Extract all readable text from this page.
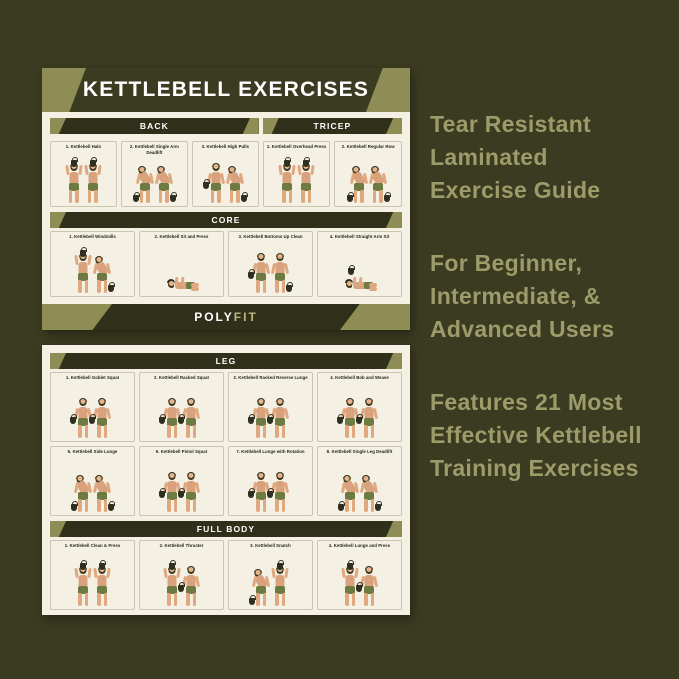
KETTLEBELL EXERCISES
BACK	TRICEP
1. Kettlebell Halo	2. Kettlebell Single Arm Deadlift
3. Kettlebell High Pulls	1. Kettlebell Overhead Press	2. Kettlebell Regular Row
CORE
1. Kettlebell Windmills	2. Kettlebell Sit and Press	3. Kettlebell Bottoms Up Clean	4. Kettlebell Straight Arm Sit
POLYFIT
LEG
1. Kettlebell Goblet Squat	2. Kettlebell Racked Squat	3. Kettlebell Racked Reverse Lunge	4. Kettlebell Bob and Weave
5. Kettlebell Side Lunge	6. Kettlebell Pistol Squat	7. Kettlebell Lunge with Rotation	8. Kettlebell Single Leg Deadlift
FULL BODY
1. Kettlebell Clean & Press	2. Kettlebell Thruster	3. Kettlebell Snatch	4. Kettlebell Lunge and Press
Tear Resistant
Laminated
Exercise Guide
For Beginner,
Intermediate, &
Advanced Users
Features 21 Most
Effective Kettlebell
Training Exercises
